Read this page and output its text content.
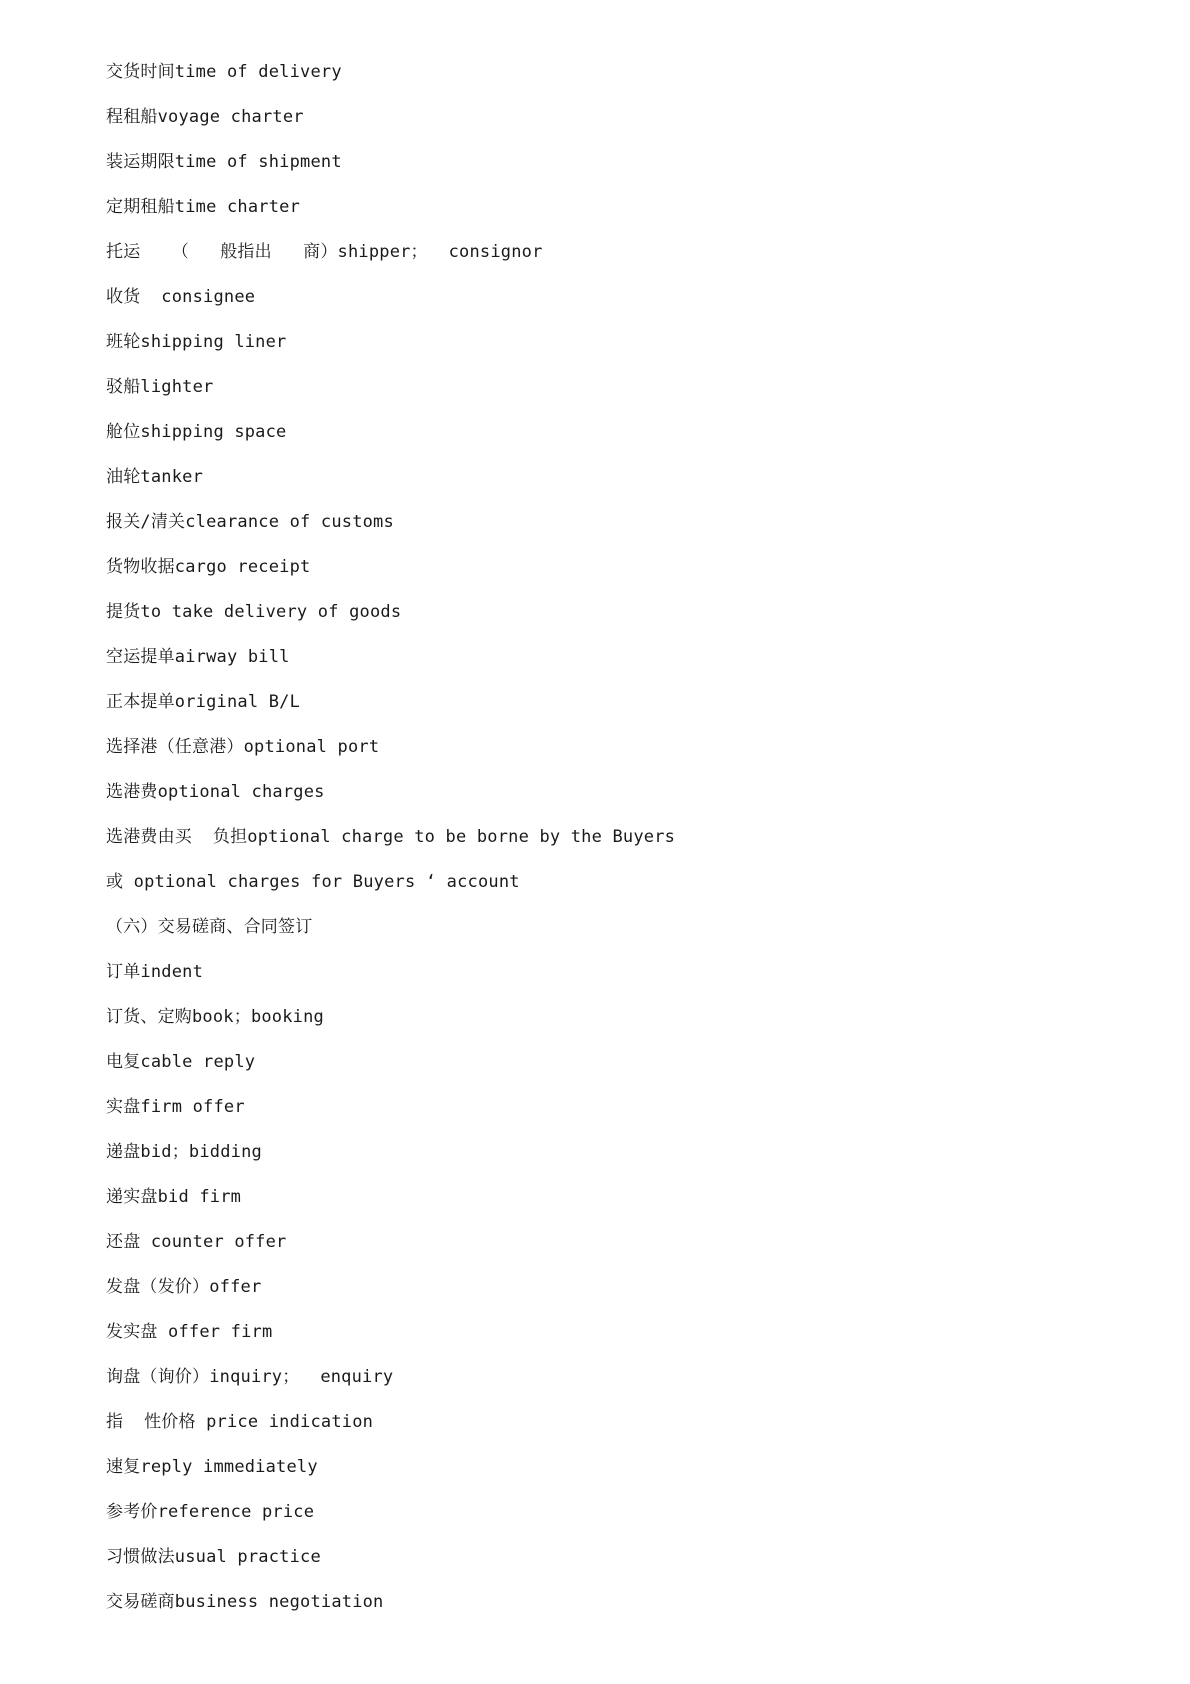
交货时间time of delivery
程租船voyage charter
装运期限time of shipment
定期租船time charter
托运   （   般指出   商）shipper；  consignor
收货  consignee
班轮shipping liner
驳船lighter
舱位shipping space
油轮tanker
报关/清关clearance of customs
货物收据cargo receipt
提货to take delivery of goods
空运提单airway bill
正本提单original B/L
选择港（任意港）optional port
选港费optional charges
选港费由买  负担optional charge to be borne by the Buyers
或 optional charges for Buyers ‘ account
（六）交易磋商、合同签订
订单indent
订货、定购book；booking
电复cable reply
实盘firm offer
递盘bid；bidding
递实盘bid firm
还盘 counter offer
发盘（发价）offer
发实盘 offer firm
询盘（询价）inquiry；  enquiry
指  性价格 price indication
速复reply immediately
参考价reference price
习惯做法usual practice
交易磋商business negotiation
